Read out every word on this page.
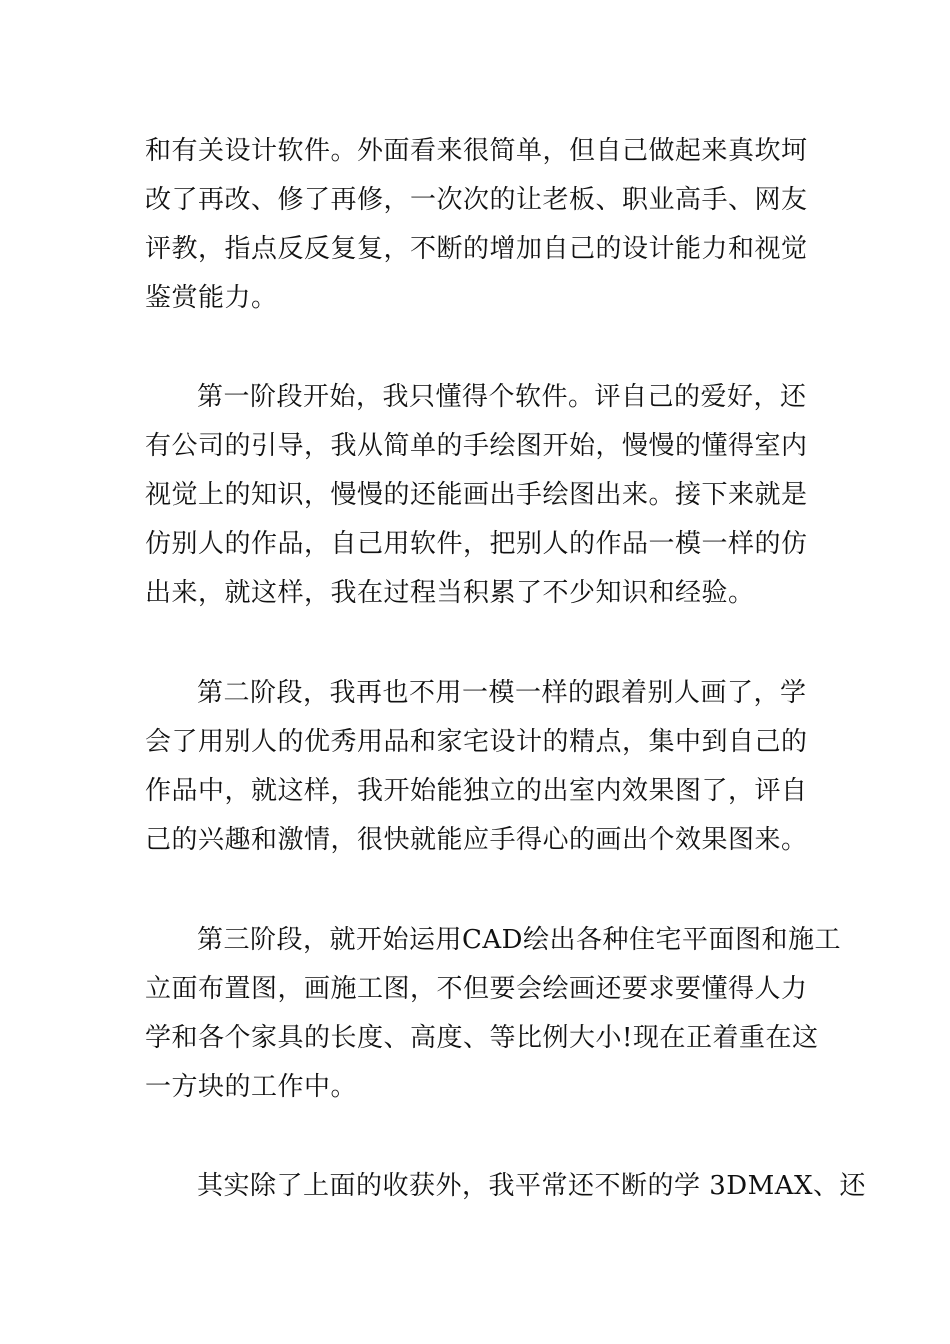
和有关设计软件。外面看来很简单，但自己做起来真坎坷
改了再改、修了再修，一次次的让老板、职业高手、网友
评教，指点反反复复，不断的增加自己的设计能力和视觉
鉴赏能力。
第一阶段开始，我只懂得个软件。评自己的爱好，还
有公司的引导，我从简单的手绘图开始，慢慢的懂得室内
视觉上的知识，慢慢的还能画出手绘图出来。接下来就是
仿别人的作品，自己用软件，把别人的作品一模一样的仿
出来，就这样，我在过程当积累了不少知识和经验。
第二阶段，我再也不用一模一样的跟着别人画了，学
会了用别人的优秀用品和家宅设计的精点，集中到自己的
作品中，就这样，我开始能独立的出室内效果图了，评自
己的兴趣和激情，很快就能应手得心的画出个效果图来。
第三阶段，就开始运用CAD绘出各种住宅平面图和施工
立面布置图，画施工图，不但要会绘画还要求要懂得人力
学和各个家具的长度、高度、等比例大小!现在正着重在这
一方块的工作中。
其实除了上面的收获外，我平常还不断的学 3DMAX、还
